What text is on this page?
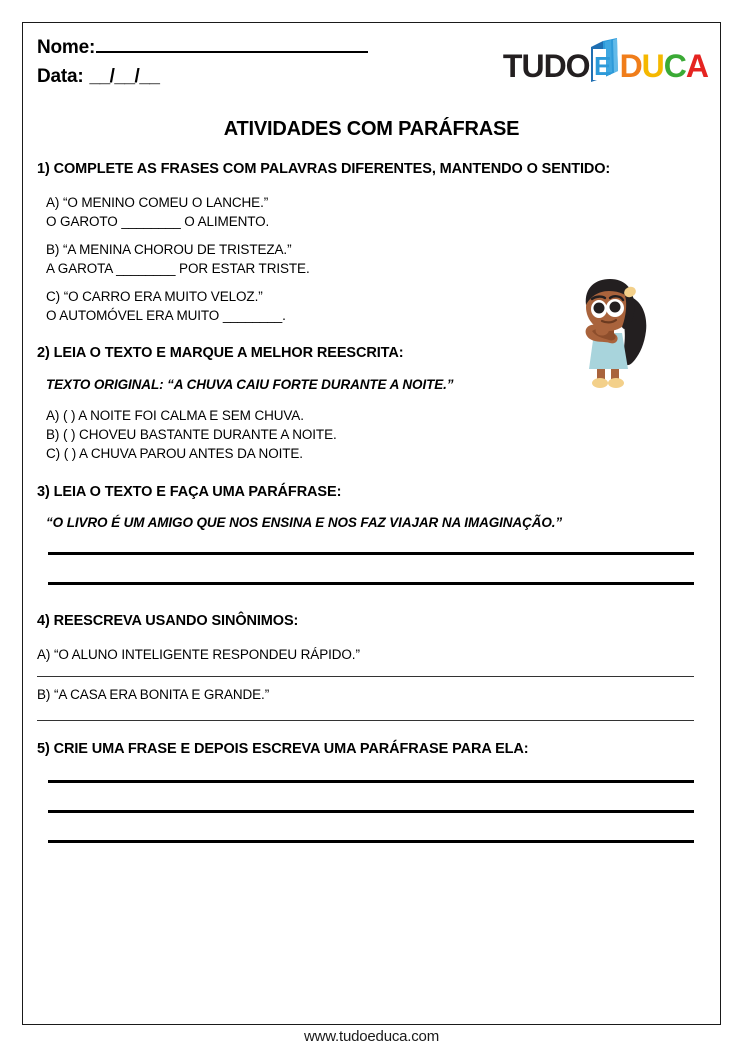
Nome:
Data: __/__/__	TUDO E D U C A
ATIVIDADES COM PARÁFRASE
1) COMPLETE AS FRASES COM PALAVRAS DIFERENTES, MANTENDO O SENTIDO:
A) “O MENINO COMEU O LANCHE.”
O GAROTO ________ O ALIMENTO.
B) “A MENINA CHOROU DE TRISTEZA.”
A GAROTA ________ POR ESTAR TRISTE.
C) “O CARRO ERA MUITO VELOZ.”
O AUTOMÓVEL ERA MUITO ________.
2) LEIA O TEXTO E MARQUE A MELHOR REESCRITA:
TEXTO ORIGINAL: “A CHUVA CAIU FORTE DURANTE A NOITE.”
A) ( ) A NOITE FOI CALMA E SEM CHUVA.
B) ( ) CHOVEU BASTANTE DURANTE A NOITE.
C) ( ) A CHUVA PAROU ANTES DA NOITE.
3) LEIA O TEXTO E FAÇA UMA PARÁFRASE:
“O LIVRO É UM AMIGO QUE NOS ENSINA E NOS FAZ VIAJAR NA IMAGINAÇÃO.”
4) REESCREVA USANDO SINÔNIMOS:
A) “O ALUNO INTELIGENTE RESPONDEU RÁPIDO.”
B) “A CASA ERA BONITA E GRANDE.”
5) CRIE UMA FRASE E DEPOIS ESCREVA UMA PARÁFRASE PARA ELA:
www.tudoeduca.com
